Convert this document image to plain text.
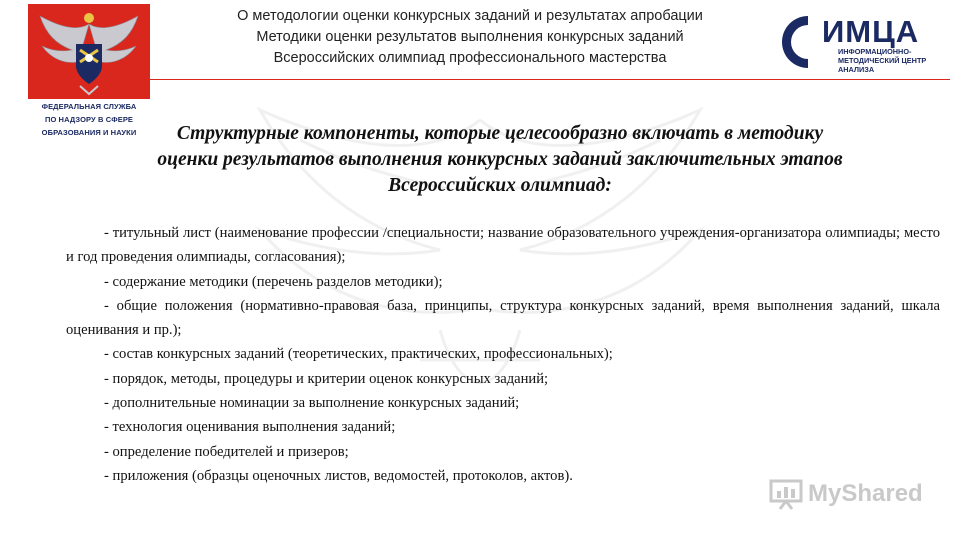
ФЕДЕРАЛЬНАЯ СЛУЖБА
ПО НАДЗОРУ В СФЕРЕ
ОБРАЗОВАНИЯ И НАУКИ
О методологии оценки конкурсных заданий и результатах апробации
Методики оценки результатов выполнения конкурсных заданий
Всероссийских олимпиад профессионального мастерства
ИМЦА
ИНФОРМАЦИОННО-
МЕТОДИЧЕСКИЙ ЦЕНТР
АНАЛИЗА
Структурные компоненты, которые целесообразно включать в методику
оценки результатов выполнения конкурсных заданий заключительных этапов
Всероссийских олимпиад:

- титульный лист (наименование профессии /специальности; название образовательного учреждения-организатора олимпиады; место и год проведения олимпиады, согласования);

- содержание методики (перечень разделов методики);

- общие положения (нормативно-правовая база, принципы, структура конкурсных заданий, время выполнения заданий, шкала оценивания и пр.);

- состав конкурсных заданий (теоретических, практических, профессиональных);

- порядок, методы, процедуры и критерии оценок конкурсных заданий;

- дополнительные номинации за выполнение конкурсных заданий;

- технология оценивания выполнения заданий;

- определение победителей и призеров;

- приложения (образцы оценочных листов, ведомостей, протоколов, актов).

MyShared
